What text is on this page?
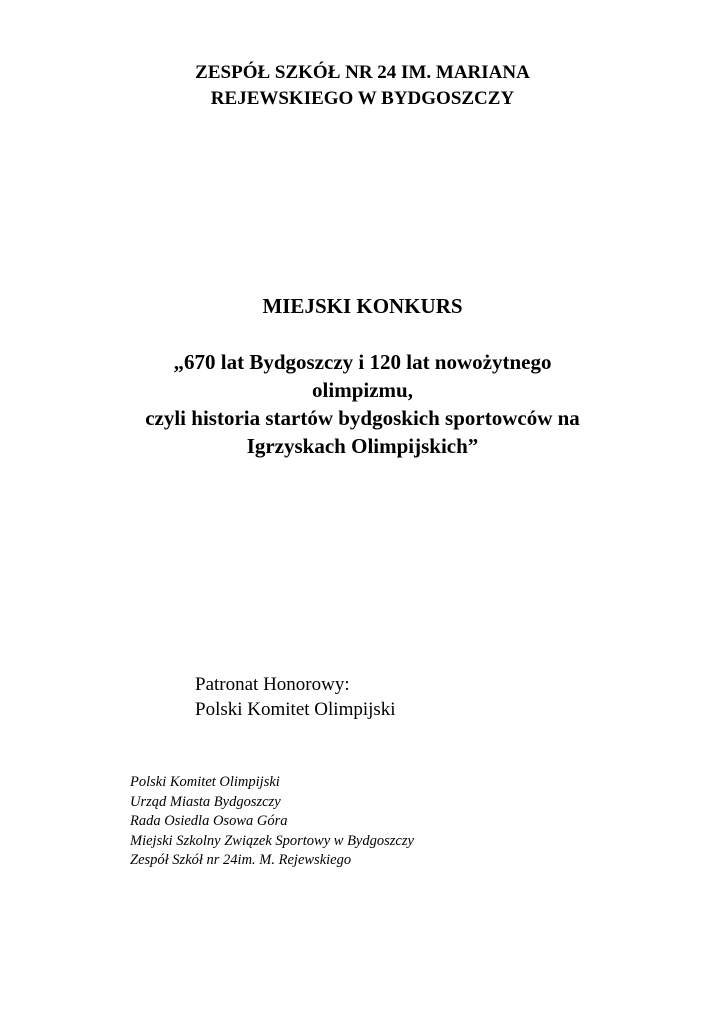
ZESPÓŁ SZKÓŁ NR 24 IM. MARIANA
REJEWSKIEGO W BYDGOSZCZY
MIEJSKI KONKURS
„670 lat Bydgoszczy i 120 lat nowożytnego
olimpizmu,
czyli historia startów bydgoskich sportowców na
Igrzyskach Olimpijskich”
Patronat Honorowy:
Polski Komitet Olimpijski
Polski Komitet Olimpijski
Urząd Miasta Bydgoszczy
Rada Osiedla Osowa Góra
Miejski Szkolny Związek Sportowy w Bydgoszczy
Zespół Szkół nr 24im. M. Rejewskiego
